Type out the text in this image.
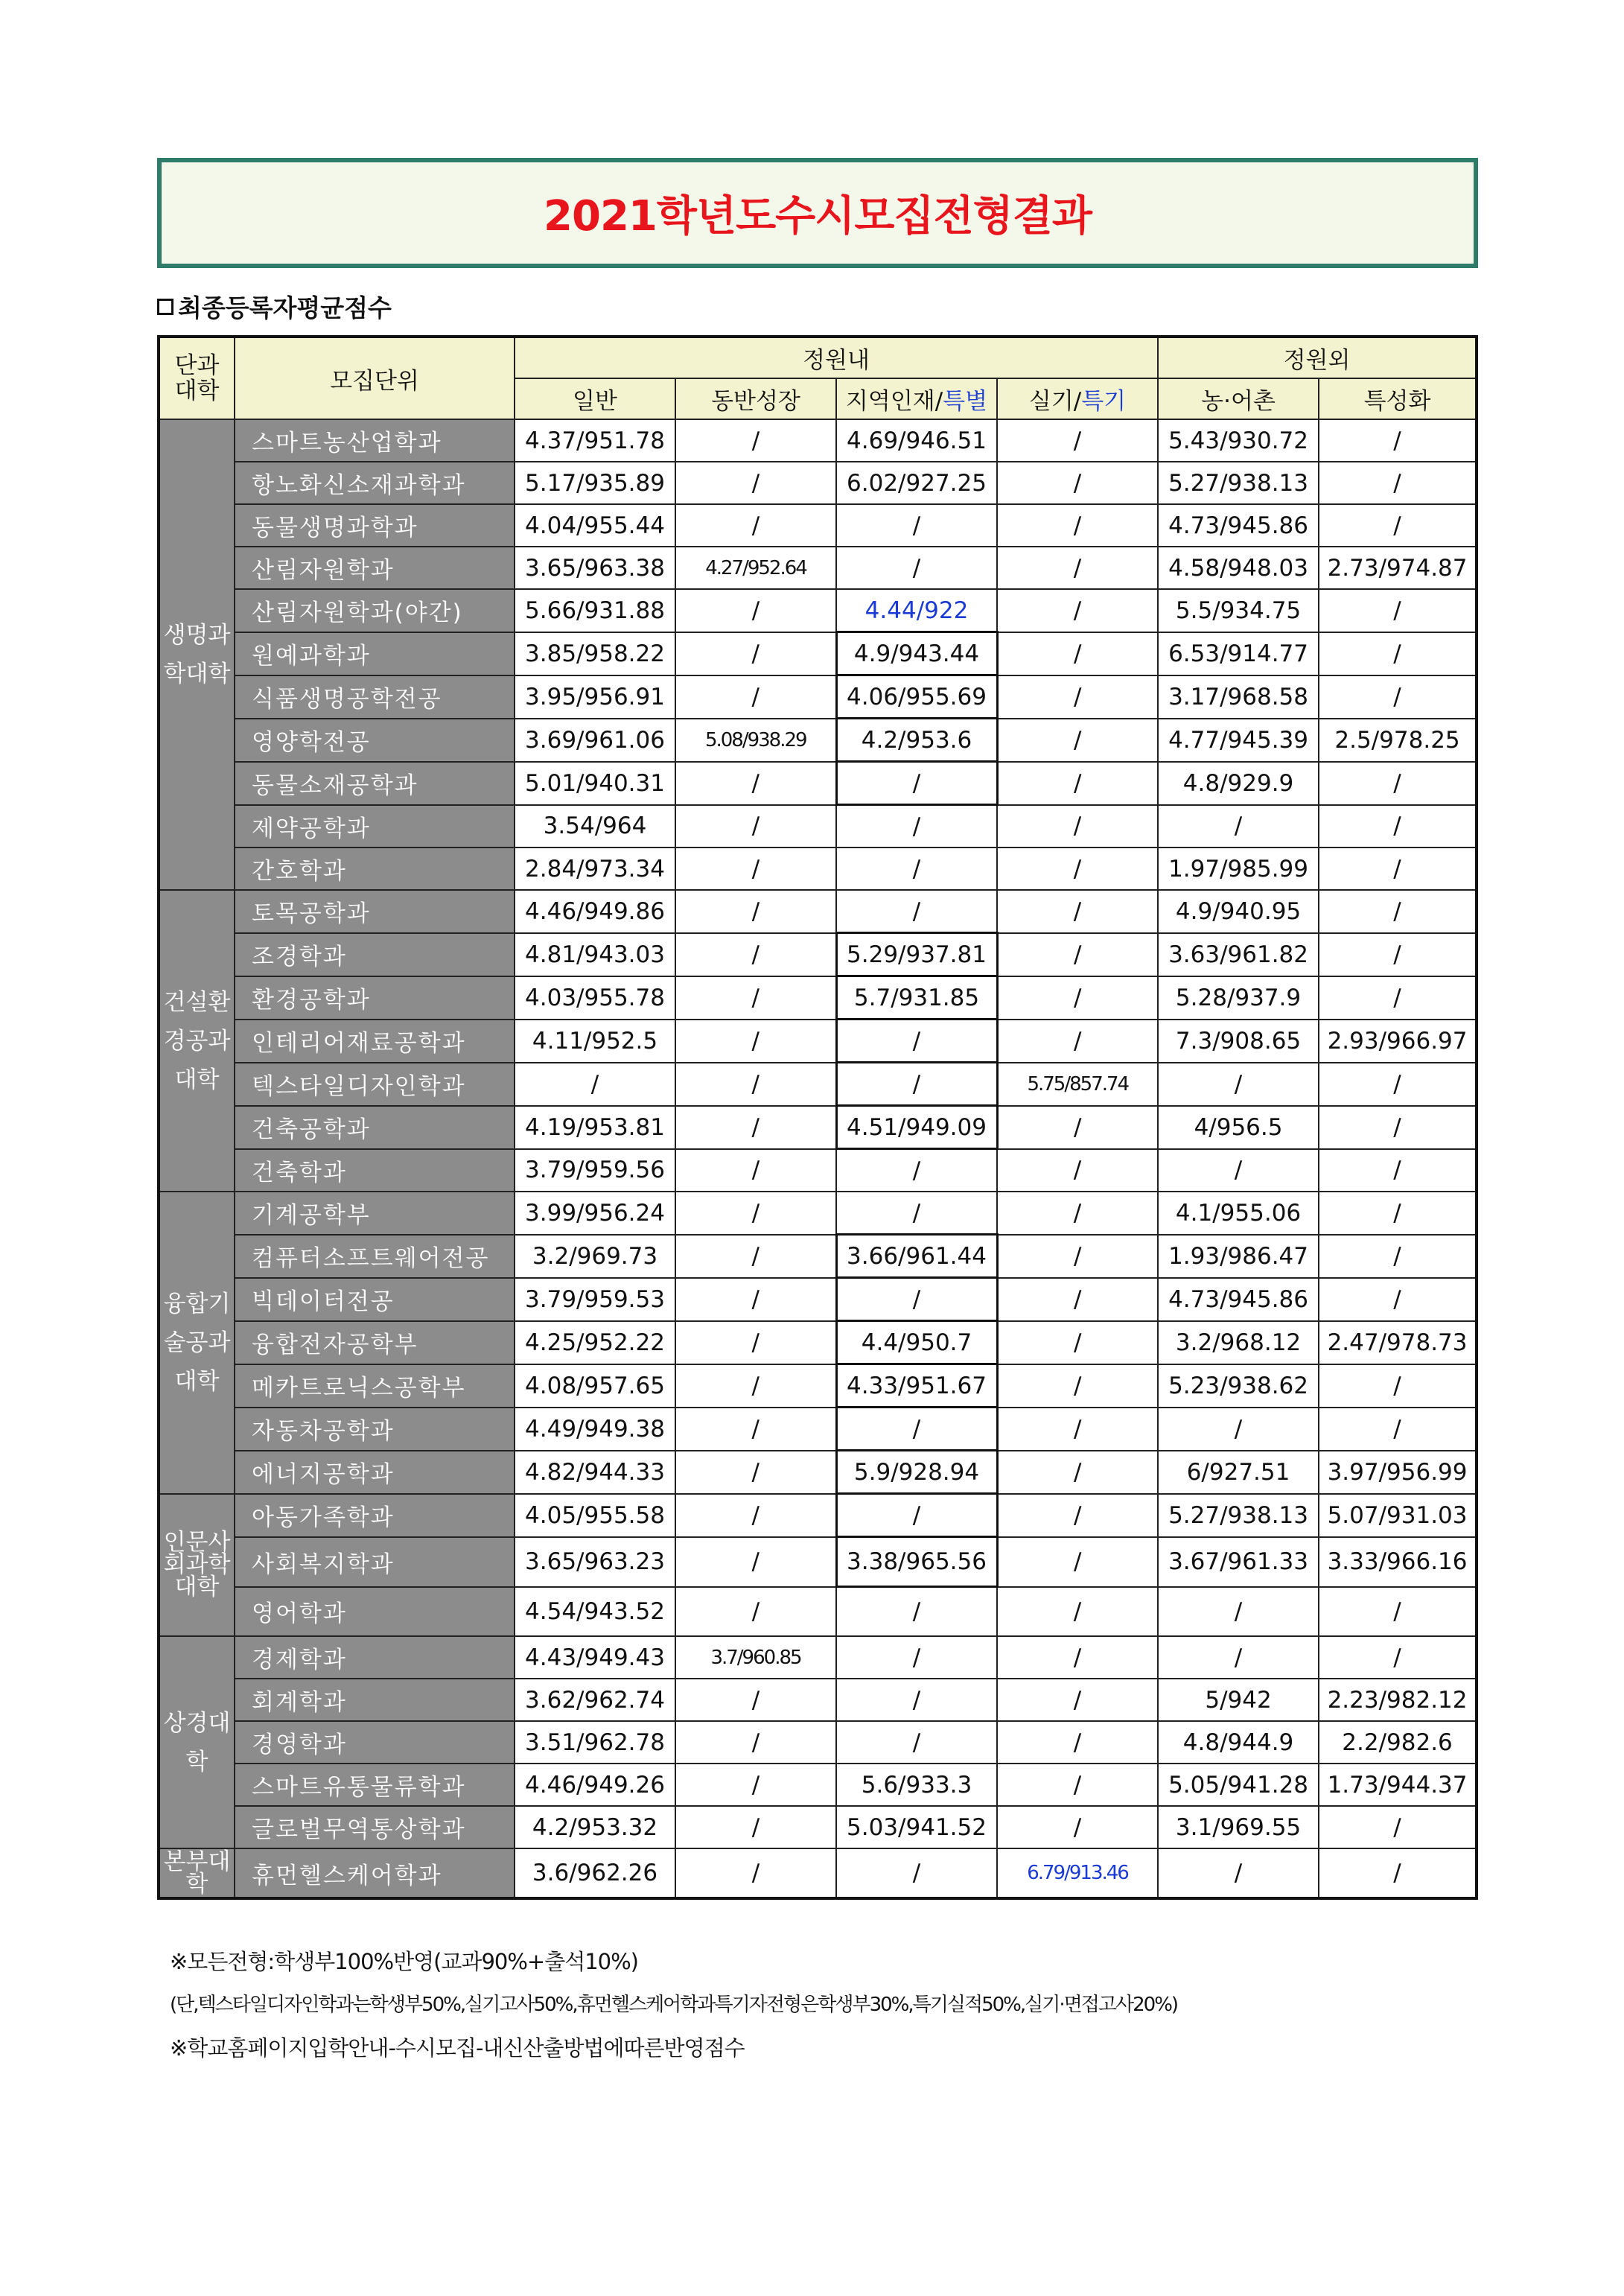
2021학년도수시모집전형결과
최종등록자평균점수
단과대학	모집단위	정원내				정원외	
		일반	동반성장	지역인재/특별	실기/특기	농·어촌	특성화
생명과학대학	스마트농산업학과	4.37/951.78	/	4.69/946.51	/	5.43/930.72	/
	항노화신소재과학과	5.17/935.89	/	6.02/927.25	/	5.27/938.13	/
	동물생명과학과	4.04/955.44	/	/	/	4.73/945.86	/
	산림자원학과	3.65/963.38	4.27/952.64	/	/	4.58/948.03	2.73/974.87
	산림자원학과(야간)	5.66/931.88	/	4.44/922	/	5.5/934.75	/
	원예과학과	3.85/958.22	/	4.9/943.44	/	6.53/914.77	/
	식품생명공학전공	3.95/956.91	/	4.06/955.69	/	3.17/968.58	/
	영양학전공	3.69/961.06	5.08/938.29	4.2/953.6	/	4.77/945.39	2.5/978.25
	동물소재공학과	5.01/940.31	/	/	/	4.8/929.9	/
	제약공학과	3.54/964	/	/	/	/	/
	간호학과	2.84/973.34	/	/	/	1.97/985.99	/
건설환경공과대학	토목공학과	4.46/949.86	/	/	/	4.9/940.95	/
	조경학과	4.81/943.03	/	5.29/937.81	/	3.63/961.82	/
	환경공학과	4.03/955.78	/	5.7/931.85	/	5.28/937.9	/
	인테리어재료공학과	4.11/952.5	/	/	/	7.3/908.65	2.93/966.97
	텍스타일디자인학과	/	/	/	5.75/857.74	/	/
	건축공학과	4.19/953.81	/	4.51/949.09	/	4/956.5	/
	건축학과	3.79/959.56	/	/	/	/	/
융합기술공과대학	기계공학부	3.99/956.24	/	/	/	4.1/955.06	/
	컴퓨터소프트웨어전공	3.2/969.73	/	3.66/961.44	/	1.93/986.47	/
	빅데이터전공	3.79/959.53	/	/	/	4.73/945.86	/
	융합전자공학부	4.25/952.22	/	4.4/950.7	/	3.2/968.12	2.47/978.73
	메카트로닉스공학부	4.08/957.65	/	4.33/951.67	/	5.23/938.62	/
	자동차공학과	4.49/949.38	/	/	/	/	/
	에너지공학과	4.82/944.33	/	5.9/928.94	/	6/927.51	3.97/956.99
인문사회과학대학	아동가족학과	4.05/955.58	/	/	/	5.27/938.13	5.07/931.03
	사회복지학과	3.65/963.23	/	3.38/965.56	/	3.67/961.33	3.33/966.16
	영어학과	4.54/943.52	/	/	/	/	/
상경대학	경제학과	4.43/949.43	3.7/960.85	/	/	/	/
	회계학과	3.62/962.74	/	/	/	5/942	2.23/982.12
	경영학과	3.51/962.78	/	/	/	4.8/944.9	2.2/982.6
	스마트유통물류학과	4.46/949.26	/	5.6/933.3	/	5.05/941.28	1.73/944.37
	글로벌무역통상학과	4.2/953.32	/	5.03/941.52	/	3.1/969.55	/
본부대학	휴먼헬스케어학과	3.6/962.26	/	/	6.79/913.46	/	/
※모든전형:학생부100%반영(교과90%+출석10%)
(단,텍스타일디자인학과는학생부50%,실기고사50%,휴먼헬스케어학과특기자전형은학생부30%,특기실적50%,실기·면접고사20%)
※학교홈페이지입학안내-수시모집-내신산출방법에따른반영점수
